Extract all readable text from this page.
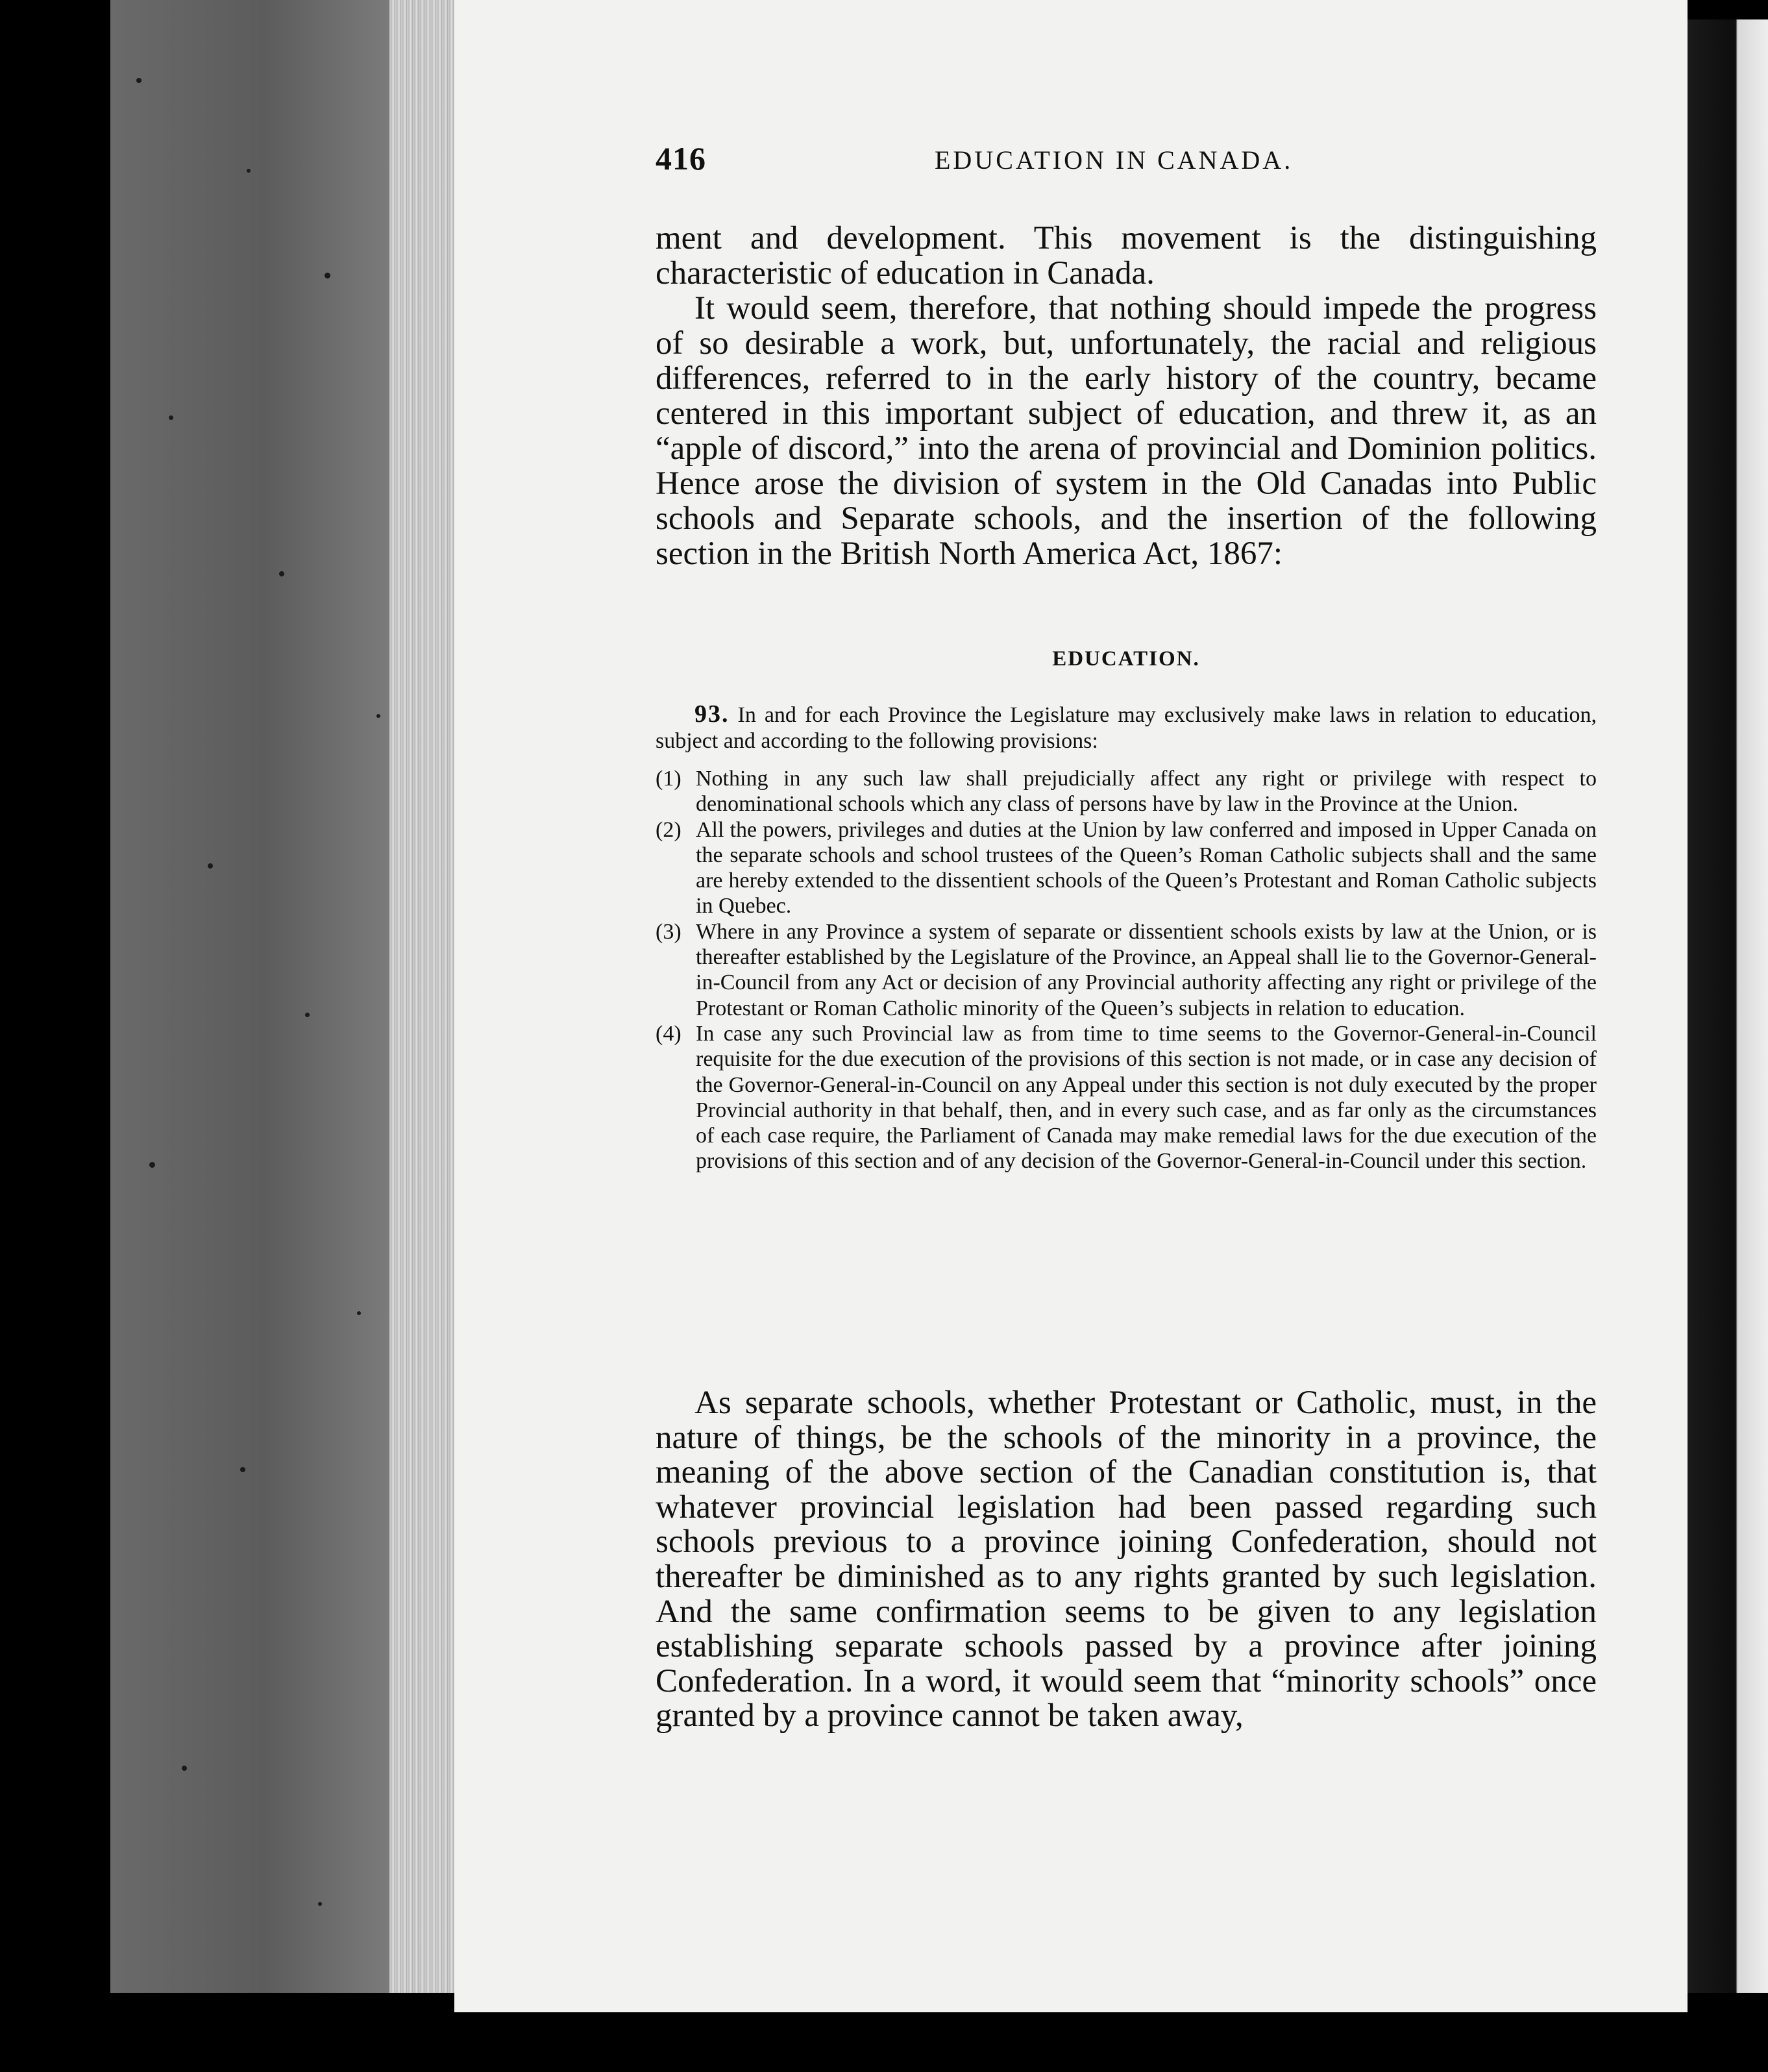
416	EDUCATION IN CANADA.

ment and development. This movement is the distinguishing characteristic of education in Canada.

It would seem, therefore, that nothing should impede the progress of so desirable a work, but, unfortunately, the racial and religious differences, referred to in the early history of the country, became centered in this important subject of education, and threw it, as an “apple of discord,” into the arena of provincial and Dominion politics. Hence arose the division of system in the Old Canadas into Public schools and Separate schools, and the insertion of the following section in the British North America Act, 1867:

EDUCATION.

93. In and for each Province the Legislature may exclusively make laws in relation to education, subject and according to the following provisions:

(1) Nothing in any such law shall prejudicially affect any right or privilege with respect to denominational schools which any class of persons have by law in the Province at the Union.
(2) All the powers, privileges and duties at the Union by law conferred and imposed in Upper Canada on the separate schools and school trustees of the Queen’s Roman Catholic subjects shall and the same are hereby extended to the dissentient schools of the Queen’s Protestant and Roman Catholic subjects in Quebec.
(3) Where in any Province a system of separate or dissentient schools exists by law at the Union, or is thereafter established by the Legislature of the Province, an Appeal shall lie to the Governor-General-in-Council from any Act or decision of any Provincial authority affecting any right or privilege of the Protestant or Roman Catholic minority of the Queen’s subjects in relation to education.
(4) In case any such Provincial law as from time to time seems to the Governor-General-in-Council requisite for the due execution of the provisions of this section is not made, or in case any decision of the Governor-General-in-Council on any Appeal under this section is not duly executed by the proper Provincial authority in that behalf, then, and in every such case, and as far only as the circumstances of each case require, the Parliament of Canada may make remedial laws for the due execution of the provisions of this section and of any decision of the Governor-General-in-Council under this section.

As separate schools, whether Protestant or Catholic, must, in the nature of things, be the schools of the minority in a province, the meaning of the above section of the Canadian constitution is, that whatever provincial legislation had been passed regarding such schools previous to a province joining Confederation, should not thereafter be diminished as to any rights granted by such legislation. And the same confirmation seems to be given to any legislation establishing separate schools passed by a province after joining Confederation. In a word, it would seem that “minority schools” once granted by a province cannot be taken away,
